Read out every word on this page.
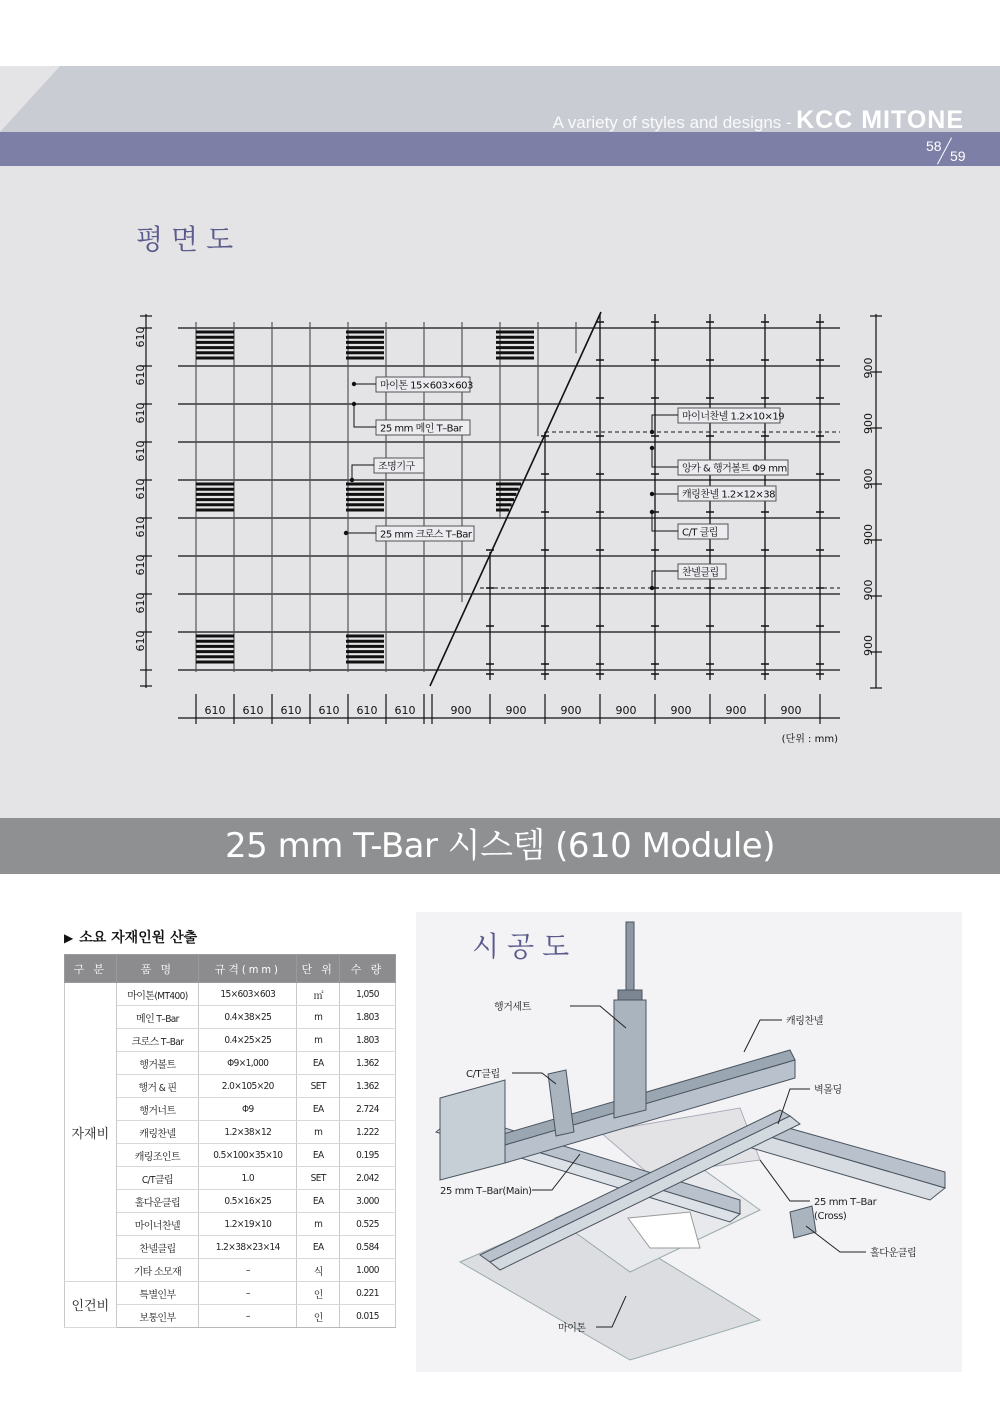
A variety of styles and designs - KCC MITONE
58
59
평면도
610
610
610
610
610
610
610
610
610
900
900
900
900
900
900
610 610 610 610 610 610	900	900	900	900	900	900	900
(단위 : mm)
마이톤 15×603×603
25 mm 메인 T–Bar
조명기구
25 mm 크로스 T–Bar
마이너찬넬 1.2×10×19
앙카 & 행거볼트 Φ9 mm
캐링찬넬 1.2×12×38
C/T 클립
찬넬클립
25 mm T-Bar 시스템 (610 Module)
▶ 소요 자재인원 산출
구 분	품 명	규격(mm)	단 위	수 량
자재비	마이톤(MT400)	15×603×603	㎡	1,050
	메인 T–Bar	0.4×38×25	m	1.803
	크로스 T–Bar	0.4×25×25	m	1.803
	행거볼트	Φ9×1,000	EA	1.362
	행거 & 핀	2.0×105×20	SET	1.362
	행거너트	Φ9	EA	2.724
	캐링찬넬	1.2×38×12	m	1.222
	캐링조인트	0.5×100×35×10	EA	0.195
	C/T클립	1.0	SET	2.042
	홀다운클립	0.5×16×25	EA	3.000
	마이너찬넬	1.2×19×10	m	0.525
	찬넬클립	1.2×38×23×14	EA	0.584
	기타 소모재	–	식	1.000
인건비	특별인부	–	인	0.221
	보통인부	–	인	0.015
행거세트
캐링찬넬
C/T클립
벽몰딩
25 mm T–Bar(Main)
25 mm T–Bar
(Cross)
홀다운클립
마이톤
시공도
